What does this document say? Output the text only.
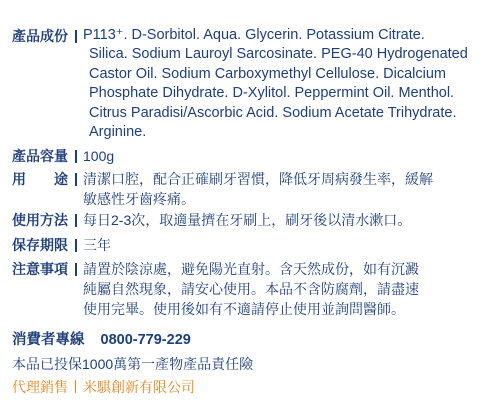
產品成份 P113⁺. D-Sorbitol. Aqua. Glycerin. Potassium Citrate.
Silica. Sodium Lauroyl Sarcosinate. PEG-40 Hydrogenated
Castor Oil. Sodium Carboxymethyl Cellulose. Dicalcium
Phosphate Dihydrate. D-Xylitol. Peppermint Oil. Menthol.
Citrus Paradisi/Ascorbic Acid. Sodium Acetate Trihydrate.
Arginine.
產品容量 100g
用　　途 清潔口腔，配合正確刷牙習慣，降低牙周病發生率，緩解
敏感性牙齒疼痛。
使用方法 每日2-3次，取適量擠在牙刷上，刷牙後以清水漱口。
保存期限 三年
注意事項 請置於陰涼處，避免陽光直射。含天然成份，如有沉澱
純屬自然現象，請安心使用。本品不含防腐劑，請盡速
使用完畢。使用後如有不適請停止使用並詢問醫師。
消費者專線 0800-779-229
本品已投保1000萬第一產物產品責任險
代理銷售 米騏創新有限公司
